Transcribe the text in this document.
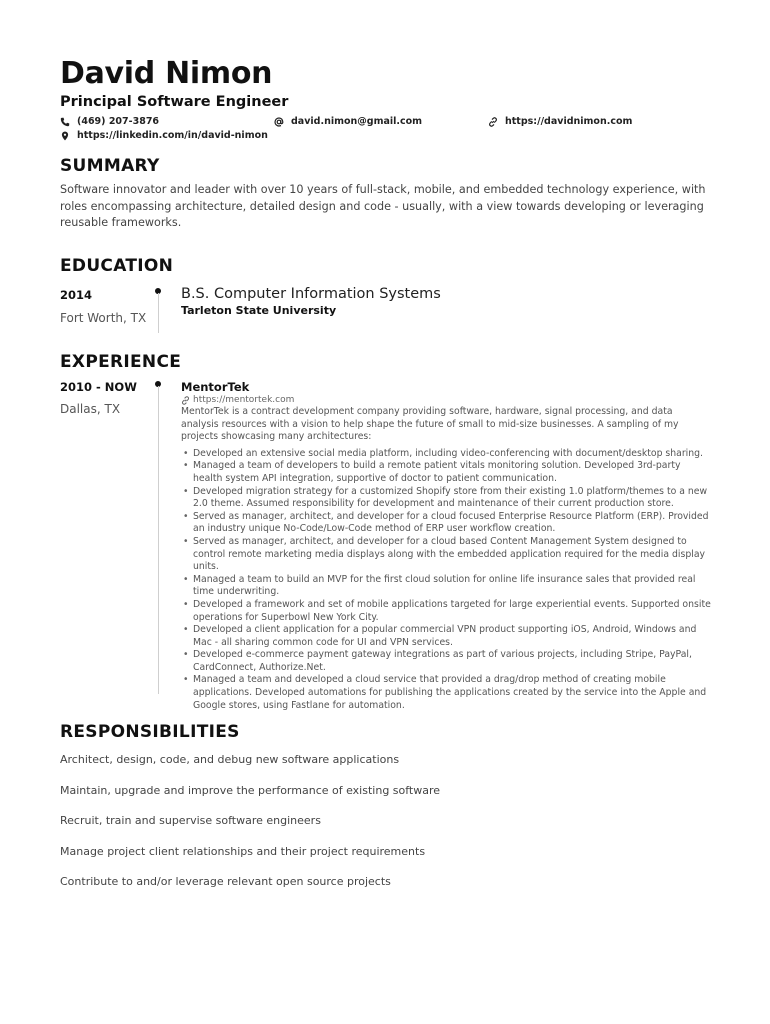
David Nimon
Principal Software Engineer
(469) 207-3876	david.nimon@gmail.com	https://davidnimon.com
https://linkedin.com/in/david-nimon
SUMMARY
Software innovator and leader with over 10 years of full-stack, mobile, and embedded technology experience, with roles encompassing architecture, detailed design and code - usually, with a view towards developing or leveraging reusable frameworks.
EDUCATION
2014
Fort Worth, TX
B.S. Computer Information Systems
Tarleton State University
EXPERIENCE
2010 - NOW
Dallas, TX
MentorTek
https://mentortek.com
MentorTek is a contract development company providing software, hardware, signal processing, and data analysis resources with a vision to help shape the future of small to mid-size businesses. A sampling of my projects showcasing many architectures:
• Developed an extensive social media platform, including video-conferencing with document/desktop sharing.
• Managed a team of developers to build a remote patient vitals monitoring solution. Developed 3rd-party health system API integration, supportive of doctor to patient communication.
• Developed migration strategy for a customized Shopify store from their existing 1.0 platform/themes to a new 2.0 theme. Assumed responsibility for development and maintenance of their current production store.
• Served as manager, architect, and developer for a cloud focused Enterprise Resource Platform (ERP). Provided an industry unique No-Code/Low-Code method of ERP user workflow creation.
• Served as manager, architect, and developer for a cloud based Content Management System designed to control remote marketing media displays along with the embedded application required for the media display units.
• Managed a team to build an MVP for the first cloud solution for online life insurance sales that provided real time underwriting.
• Developed a framework and set of mobile applications targeted for large experiential events. Supported onsite operations for Superbowl New York City.
• Developed a client application for a popular commercial VPN product supporting iOS, Android, Windows and Mac - all sharing common code for UI and VPN services.
• Developed e-commerce payment gateway integrations as part of various projects, including Stripe, PayPal, CardConnect, Authorize.Net.
• Managed a team and developed a cloud service that provided a drag/drop method of creating mobile applications. Developed automations for publishing the applications created by the service into the Apple and Google stores, using Fastlane for automation.
RESPONSIBILITIES
Architect, design, code, and debug new software applications
Maintain, upgrade and improve the performance of existing software
Recruit, train and supervise software engineers
Manage project client relationships and their project requirements
Contribute to and/or leverage relevant open source projects
